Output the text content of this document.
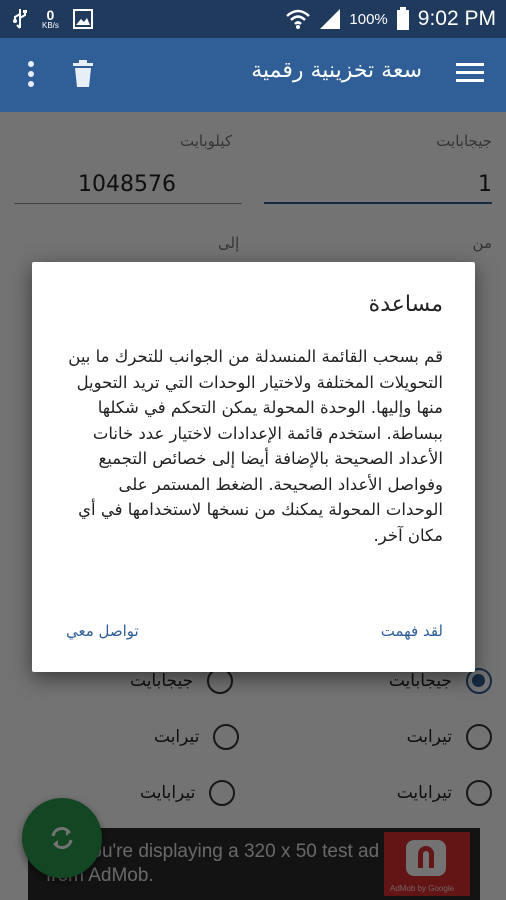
0
KB/s	100% 9:02 PM
سعة تخزينية رقمية
مساعدة
قم بسحب القائمة المنسدلة من الجوانب للتحرك ما بين التحويلات المختلفة ولاختيار الوحدات التي تريد التحويل منها وإليها. الوحدة المحولة يمكن التحكم في شكلها ببساطة. استخدم قائمة الإعدادات لاختيار عدد خانات الأعداد الصحيحة بالإضافة أيضا إلى خصائص التجميع وفواصل الأعداد الصحيحة. الضغط المستمر على الوحدات المحولة يمكنك من نسخها لاستخدامها في أي مكان آخر.
لقد فهمت
تواصل معي
